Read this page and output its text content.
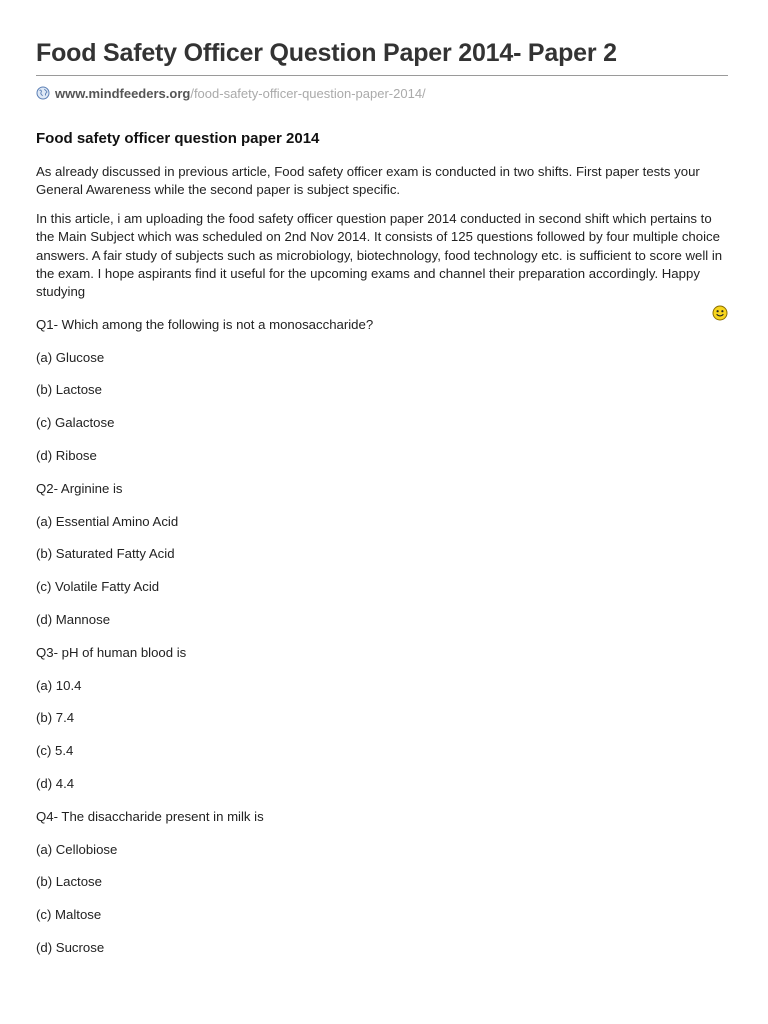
Food Safety Officer Question Paper 2014- Paper 2
www.mindfeeders.org /food-safety-officer-question-paper-2014/
Food safety officer question paper 2014

As already discussed in previous article, Food safety officer exam is conducted in two shifts. First paper tests your General Awareness while the second paper is subject specific.

In this article, i am uploading the food safety officer question paper 2014 conducted in second shift which pertains to the Main Subject which was scheduled on 2nd Nov 2014. It consists of 125 questions followed by four multiple choice answers. A fair study of subjects such as microbiology, biotechnology, food technology etc. is sufficient to score well in the exam. I hope aspirants find it useful for the upcoming exams and channel their preparation accordingly. Happy studying

Q1- Which among the following is not a monosaccharide?

(a) Glucose

(b) Lactose

(c) Galactose

(d) Ribose

Q2- Arginine is

(a) Essential Amino Acid

(b) Saturated Fatty Acid

(c) Volatile Fatty Acid

(d) Mannose

Q3- pH of human blood is

(a) 10.4

(b) 7.4

(c) 5.4

(d) 4.4

Q4- The disaccharide present in milk is

(a) Cellobiose

(b) Lactose

(c) Maltose

(d) Sucrose
